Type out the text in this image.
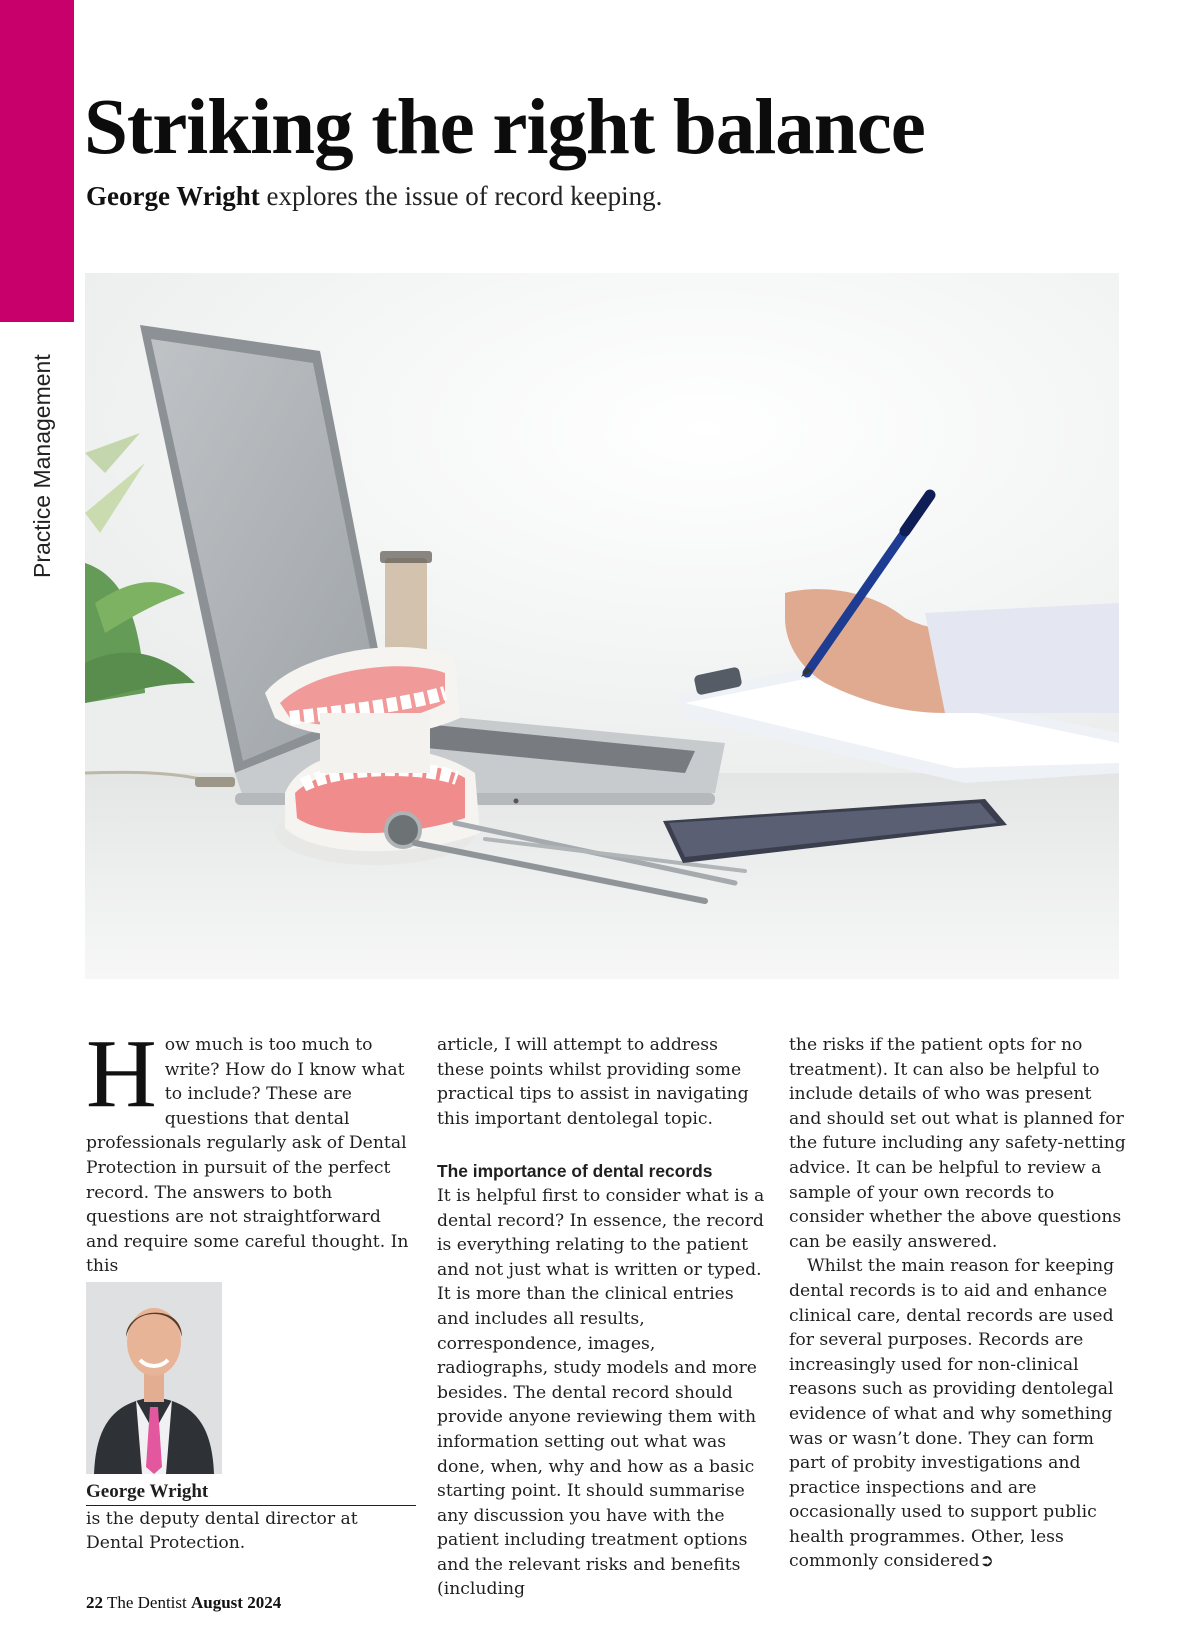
Practice Management
Striking the right balance
George Wright explores the issue of record keeping.

How much is too much to write? How do I know what to include? These are questions that dental professionals regularly ask of Dental Protection in pursuit of the perfect record. The answers to both questions are not straightforward and require some careful thought. In this

George Wright
is the deputy dental director at Dental Protection.

article, I will attempt to address these points whilst providing some practical tips to assist in navigating this important dentolegal topic.

The importance of dental records

It is helpful first to consider what is a dental record? In essence, the record is everything relating to the patient and not just what is written or typed. It is more than the clinical entries and includes all results, correspondence, images, radiographs, study models and more besides. The dental record should provide anyone reviewing them with information setting out what was done, when, why and how as a basic starting point. It should summarise any discussion you have with the patient including treatment options and the relevant risks and benefits (including

the risks if the patient opts for no treatment). It can also be helpful to include details of who was present and should set out what is planned for the future including any safety-netting advice. It can be helpful to review a sample of your own records to consider whether the above questions can be easily answered.

Whilst the main reason for keeping dental records is to aid and enhance clinical care, dental records are used for several purposes. Records are increasingly used for non-clinical reasons such as providing dentolegal evidence of what and why something was or wasn’t done. They can form part of probity investigations and practice inspections and are occasionally used to support public health programmes. Other, less commonly considered➲

22 The Dentist August 2024
